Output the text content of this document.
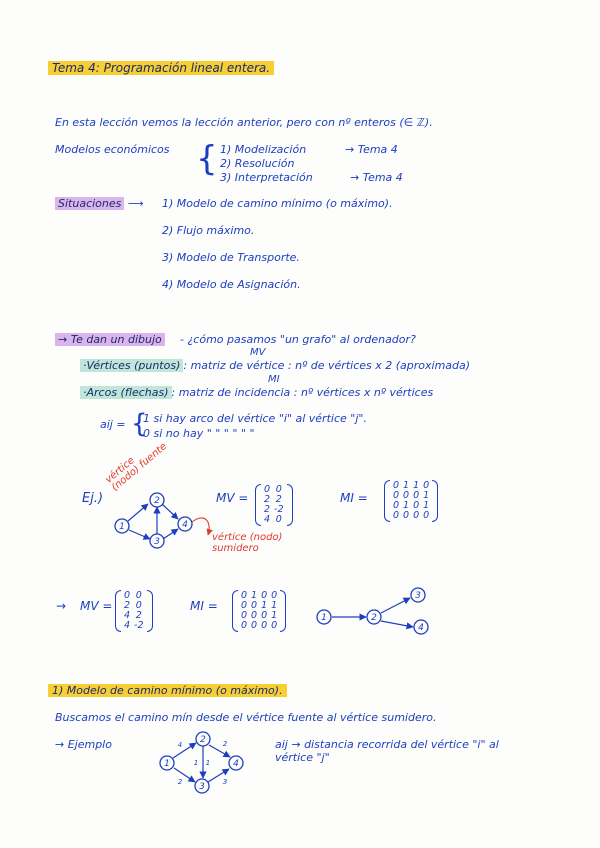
Tema 4: Programación lineal entera.
En esta lección vemos la lección anterior, pero con nº enteros (∈ ℤ).
Modelos económicos { 1) Modelización
2) Resolución
3) Interpretación
→ Tema 4
→ Tema 4
Situaciones ⟶ 1) Modelo de camino mínimo (o máximo).
2) Flujo máximo.
3) Modelo de Transporte.
4) Modelo de Asignación.
→ Te dan un dibujo - ¿cómo pasamos "un grafo" al ordenador?
MV
·Vértices (puntos) : matriz de vértice : nº de vértices x 2 (aproximada)
MI
·Arcos (flechas) : matriz de incidencia : nº vértices x nº vértices
aij = {
1 si hay arco del vértice "i" al vértice "j".
0 si no hay " " " " " "
Ej.)
vértice (nodo) fuente
vértice (nodo) sumidero
1
2
3
4
MV =
0 0
2 2
2 -2
4 0
MI =
0 1 1 0
0 0 0 1
0 1 0 1
0 0 0 0
→ MV =
0 0
2 0
4 2
4 -2
MI =
0 1 0 0
0 0 1 1
0 0 0 1
0 0 0 0
1	2
3
4
1) Modelo de camino mínimo (o máximo).
Buscamos el camino mín desde el vértice fuente al vértice sumidero.
→ Ejemplo
1
2
3
4
4
2
1
2
3
1
aij → distancia recorrida del vértice "i" al
vértice "j"
